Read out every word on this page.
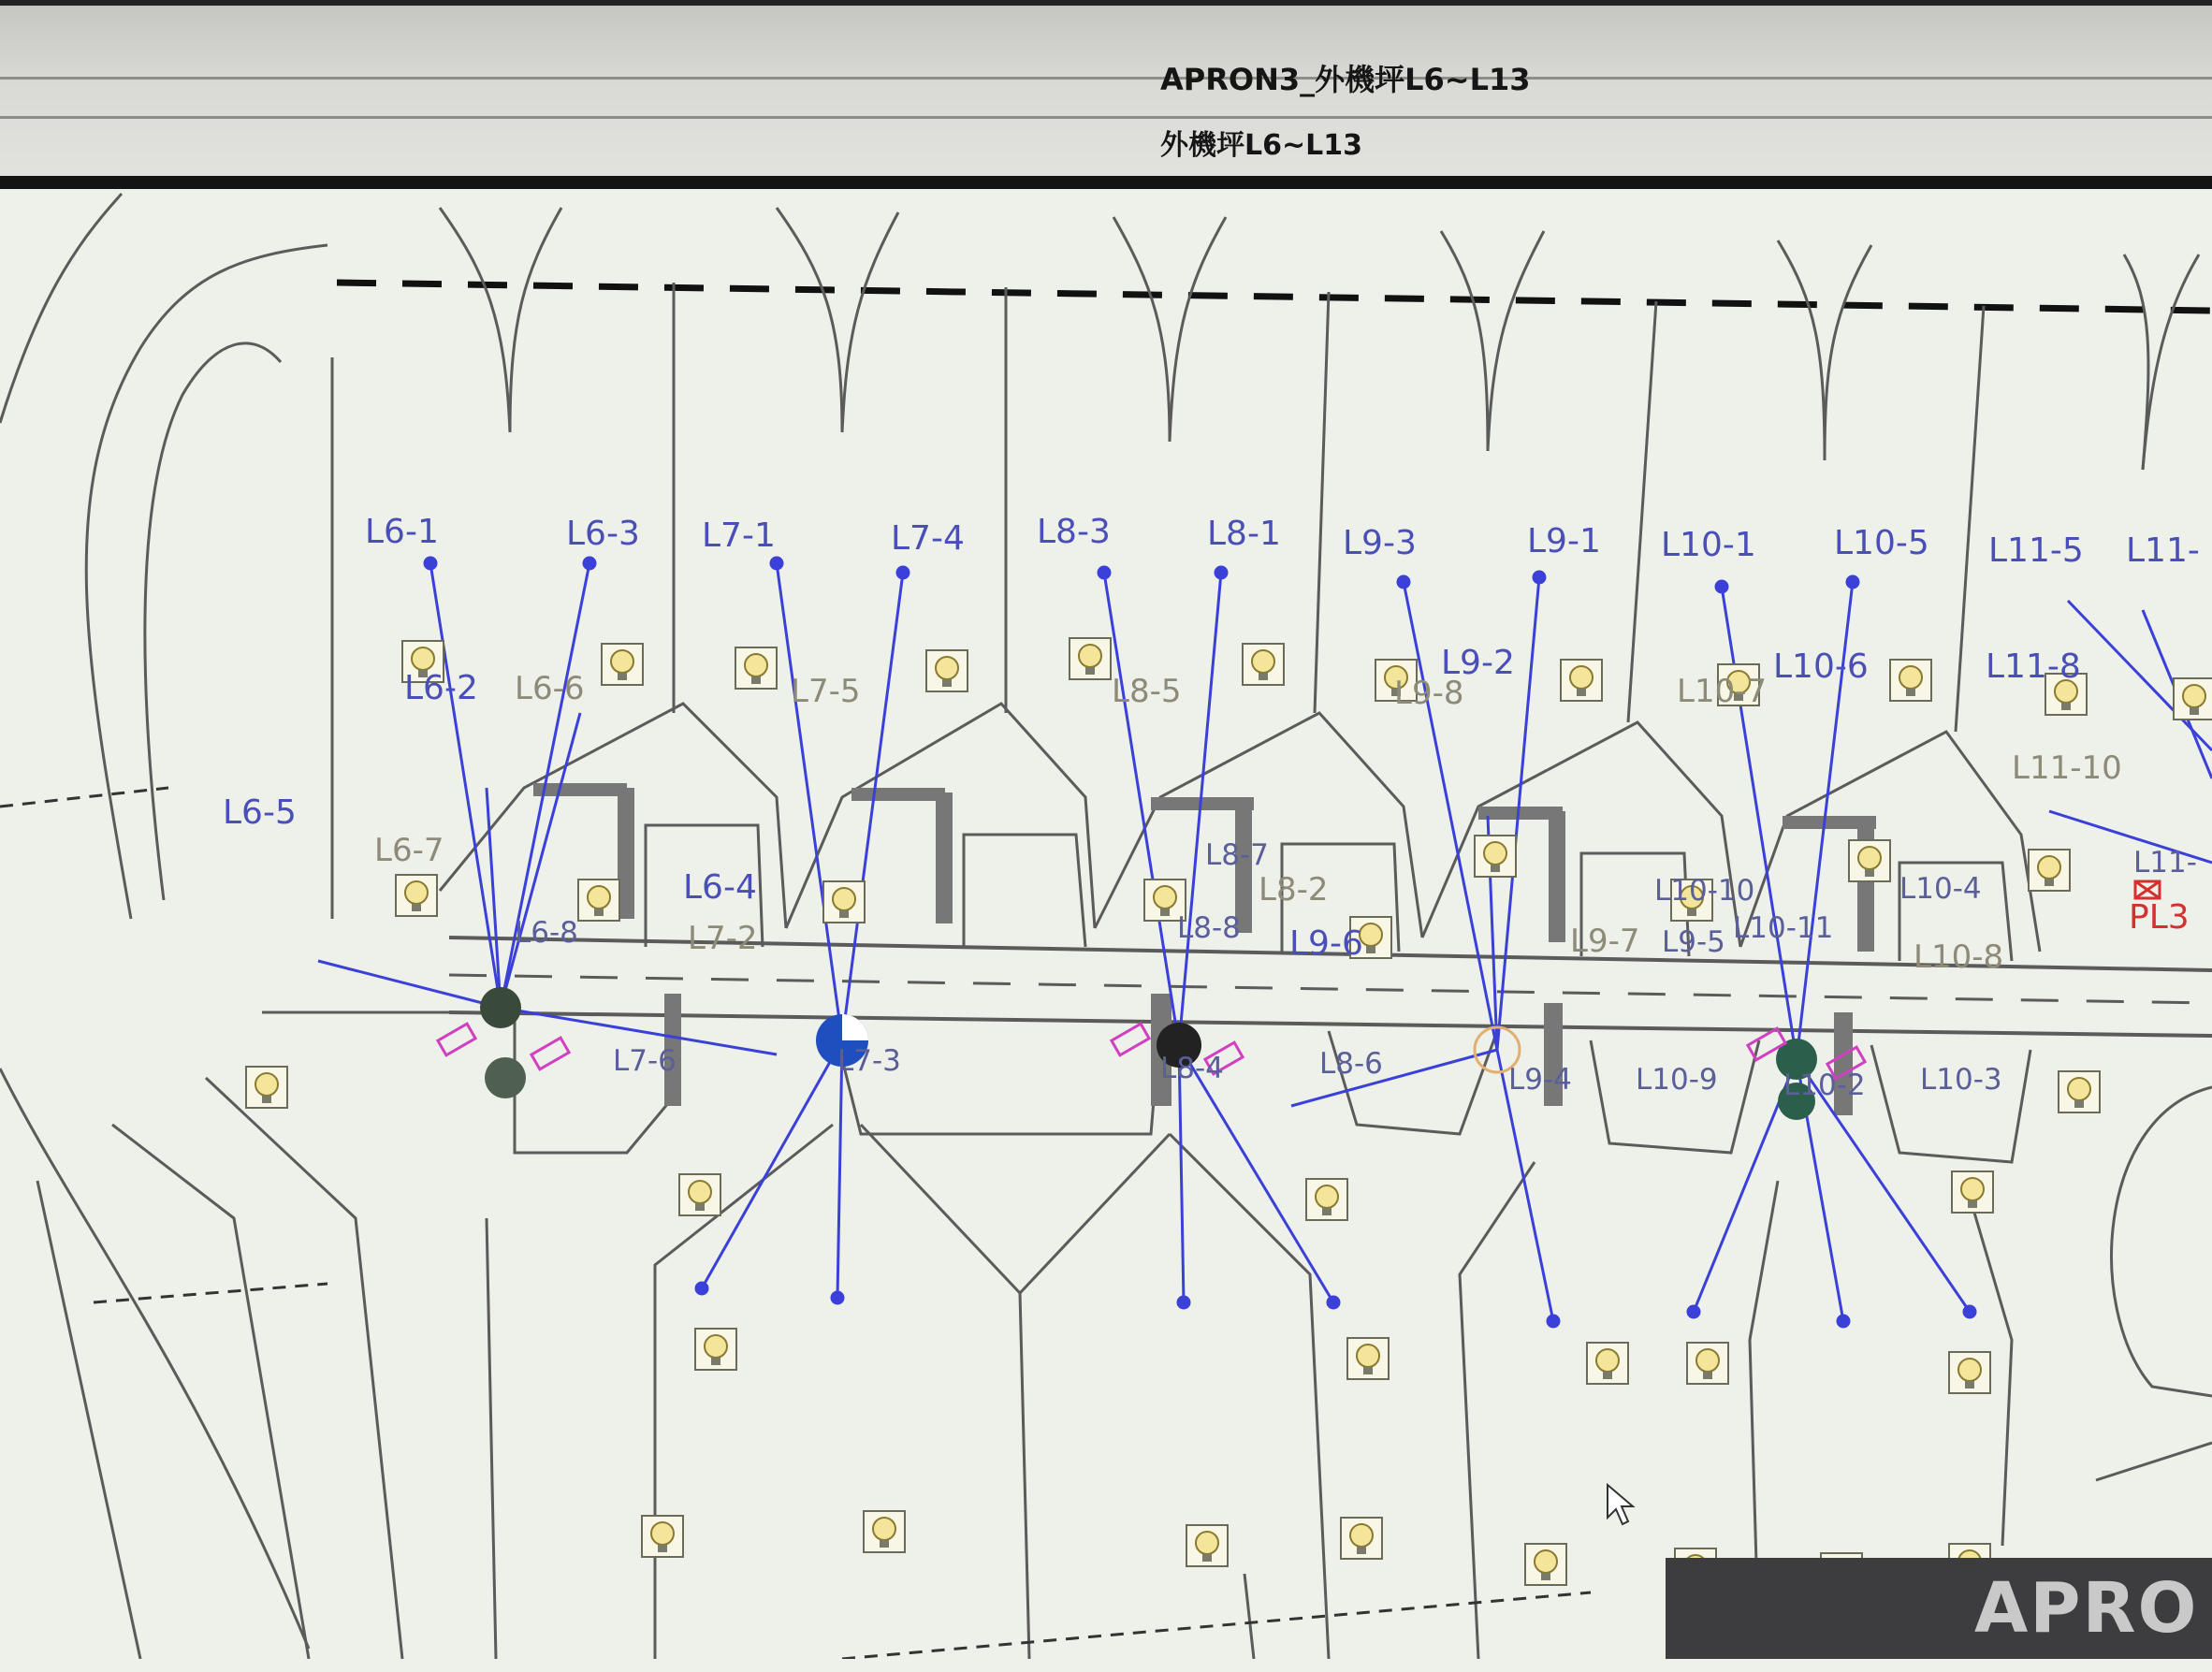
APRON3_外機坪L6~L13
外機坪L6~L13
L6-1	L6-3 L7-1	L7-4 L8-3	L8-1 L9-3	L9-1 L10-1 L10-5 L11-5 L11-
L6-2 L6-6	L7-5	L8-5
L9-2
L9-8
L10-6
L10-7
L11-8
L11-10
L6-5
L6-7
L6-4
L6-8	L7-2
L8-7
L8-2
L8-8 L9-6	L9-7 L9-5
L10-10
L10-11
L10-4
L10-8
L11-
L7-6	L7-3	L8-4	L8-6	L9-4 L10-9 L10-2 L10-3
PL3
APRO
